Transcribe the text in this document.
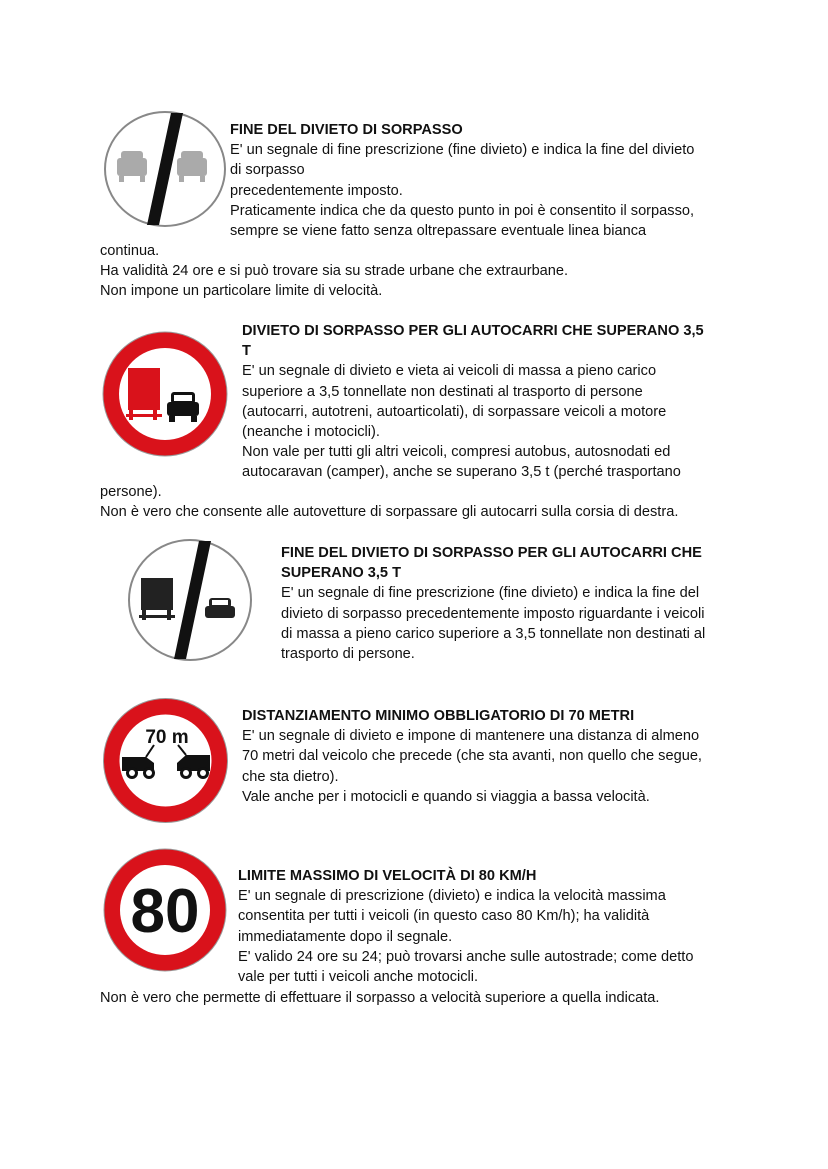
70 m
80
FINE DEL DIVIETO DI SORPASSO
E' un segnale di fine prescrizione (fine divieto) e indica la fine del divieto
di sorpasso
precedentemente imposto.
Praticamente indica che da questo punto in poi è consentito il sorpasso,
sempre se viene fatto senza oltrepassare eventuale linea bianca
continua.
Ha validità 24 ore e si può trovare sia su strade urbane che extraurbane.
Non impone un particolare limite di velocità.
DIVIETO DI SORPASSO PER GLI AUTOCARRI CHE SUPERANO 3,5
T
E' un segnale di divieto e vieta ai veicoli di massa a pieno carico
superiore a 3,5 tonnellate non destinati al trasporto di persone
(autocarri, autotreni, autoarticolati), di sorpassare veicoli a motore
(neanche i motocicli).
Non vale per tutti gli altri veicoli, compresi autobus, autosnodati ed
autocaravan (camper), anche se superano 3,5 t (perché trasportano
persone).
Non è vero che consente alle autovetture di sorpassare gli autocarri sulla corsia di destra.
FINE DEL DIVIETO DI SORPASSO PER GLI AUTOCARRI CHE
SUPERANO 3,5 T
E' un segnale di fine prescrizione (fine divieto) e indica la fine del
divieto di sorpasso precedentemente imposto riguardante i veicoli
di massa a pieno carico superiore a 3,5 tonnellate non destinati al
trasporto di persone.
DISTANZIAMENTO MINIMO OBBLIGATORIO DI 70 METRI
E' un segnale di divieto e impone di mantenere una distanza di almeno
70 metri dal veicolo che precede (che sta avanti, non quello che segue,
che sta dietro).
Vale anche per i motocicli e quando si viaggia a bassa velocità.
LIMITE MASSIMO DI VELOCITÀ DI 80 KM/H
E' un segnale di prescrizione (divieto) e indica la velocità massima
consentita per tutti i veicoli (in questo caso 80 Km/h); ha validità
immediatamente dopo il segnale.
E' valido 24 ore su 24; può trovarsi anche sulle autostrade; come detto
vale per tutti i veicoli anche motocicli.
Non è vero che permette di effettuare il sorpasso a velocità superiore a quella indicata.
